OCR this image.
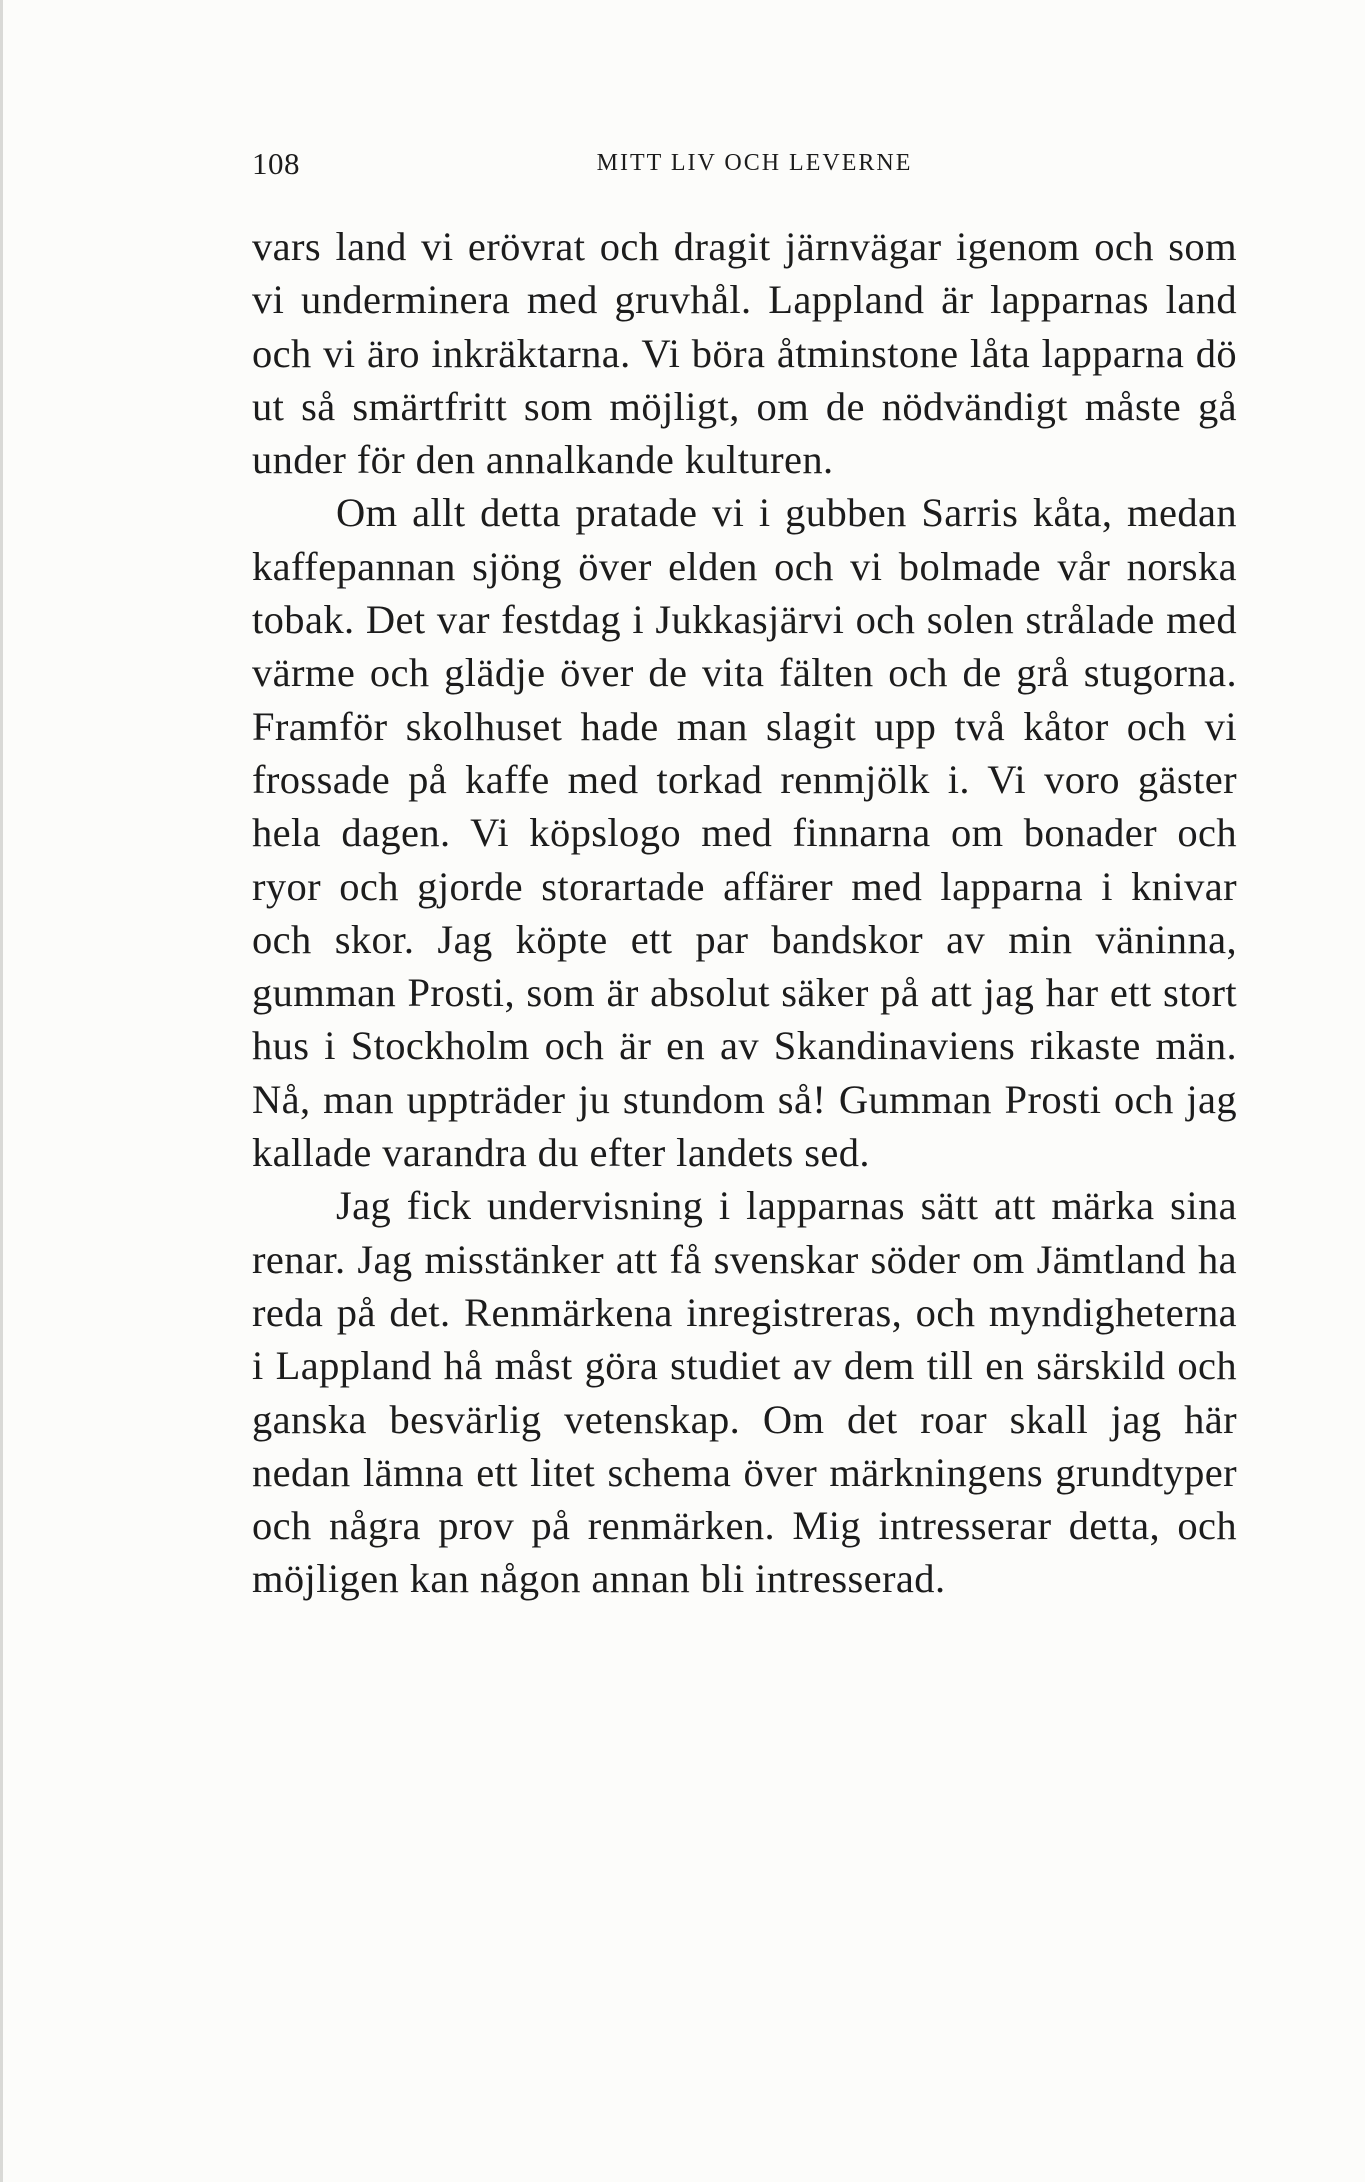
108	MITT LIV OCH LEVERNE

vars land vi erövrat och dragit järnvägar igenom och som vi underminera med gruvhål. Lappland är lapparnas land och vi äro inkräktarna. Vi böra åtminstone låta lapparna dö ut så smärtfritt som möjligt, om de nödvändigt måste gå under för den annalkande kulturen.

Om allt detta pratade vi i gubben Sarris kåta, medan kaffepannan sjöng över elden och vi bolmade vår norska tobak. Det var festdag i Jukkasjärvi och solen strålade med värme och glädje över de vita fälten och de grå stugorna. Framför skolhuset hade man slagit upp två kåtor och vi frossade på kaffe med torkad renmjölk i. Vi voro gäster hela dagen. Vi köpslogo med finnarna om bonader och ryor och gjorde storartade affärer med lapparna i knivar och skor. Jag köpte ett par bandskor av min väninna, gumman Prosti, som är absolut säker på att jag har ett stort hus i Stockholm och är en av Skandinaviens rikaste män. Nå, man uppträder ju stundom så! Gumman Prosti och jag kallade varandra du efter landets sed.

Jag fick undervisning i lapparnas sätt att märka sina renar. Jag misstänker att få svenskar söder om Jämtland ha reda på det. Renmärkena inregistreras, och myndigheterna i Lappland hå måst göra studiet av dem till en särskild och ganska besvärlig vetenskap. Om det roar skall jag här nedan lämna ett litet schema över märkningens grundtyper och några prov på renmärken. Mig intresserar detta, och möjligen kan någon annan bli intresserad.
